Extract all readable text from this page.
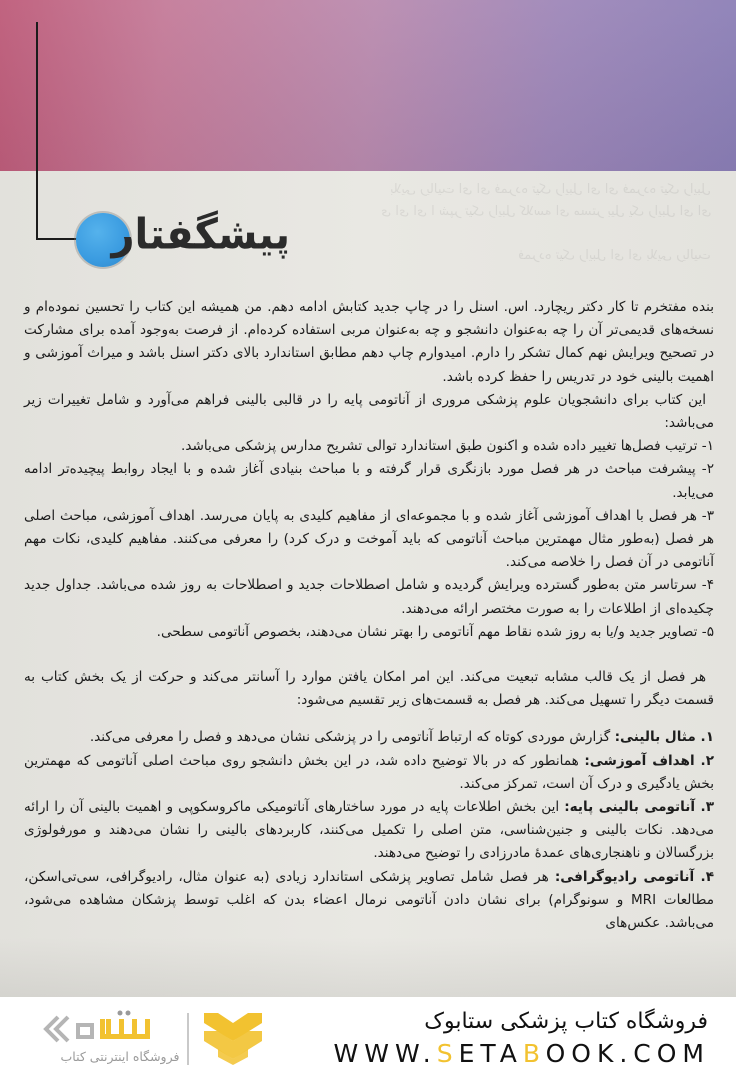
بلایی ریالیت ای ای فمرده تیک رایبل ای ای فمرده تیک رایبل
ی ای ای ا شپر تیک رایبل کلاسه ای مستر بیل یک رایبل ای ای
فمرده تیک رایبل ای ای بلایی ریالیت
پیشگفتار

بنده مفتخرم تا کار دکتر ریچارد. اس. اسنل را در چاپ جدید کتابش ادامه دهم. من همیشه این کتاب را تحسین نموده‌ام و نسخه‌های قدیمی‌تر آن را چه به‌عنوان دانشجو و چه به‌عنوان مربی استفاده کرده‌ام. از فرصت به‌وجود آمده برای مشارکت در تصحیح ویرایش نهم کمال تشکر را دارم. امیدوارم چاپ دهم مطابق استاندارد بالای دکتر اسنل باشد و میراث آموزشی و اهمیت بالینی خود در تدریس را حفظ کرده باشد.

این کتاب برای دانشجویان علوم پزشکی مروری از آناتومی پایه را در قالبی بالینی فراهم می‌آورد و شامل تغییرات زیر می‌باشد:

۱- ترتیب فصل‌ها تغییر داده شده و اکنون طبق استاندارد توالی تشریح مدارس پزشکی می‌باشد.

۲- پیشرفت مباحث در هر فصل مورد بازنگری قرار گرفته و با مباحث بنیادی آغاز شده و با ایجاد روابط پیچیده‌تر ادامه می‌یابد.

۳- هر فصل با اهداف آموزشی آغاز شده و با مجموعه‌ای از مفاهیم کلیدی به پایان می‌رسد. اهداف آموزشی، مباحث اصلی هر فصل (به‌طور مثال مهمترین مباحث آناتومی که باید آموخت و درک کرد) را معرفی می‌کنند. مفاهیم کلیدی، نکات مهم آناتومی در آن فصل را خلاصه می‌کند.

۴- سرتاسر متن به‌طور گسترده ویرایش گردیده و شامل اصطلاحات جدید و اصطلاحات به روز شده می‌باشد. جداول جدید چکیده‌ای از اطلاعات را به صورت مختصر ارائه می‌دهند.

۵- تصاویر جدید و/یا به روز شده نقاط مهم آناتومی را بهتر نشان می‌دهند، بخصوص آناتومی سطحی.

هر فصل از یک قالب مشابه تبعیت می‌کند. این امر امکان یافتن موارد را آسانتر می‌کند و حرکت از یک بخش کتاب به قسمت دیگر را تسهیل می‌کند. هر فصل به قسمت‌های زیر تقسیم می‌شود:

۱. مثال بالینی: گزارش موردی کوتاه که ارتباط آناتومی را در پزشکی نشان می‌دهد و فصل را معرفی می‌کند.

۲. اهداف آموزشی: همانطور که در بالا توضیح داده شد، در این بخش دانشجو روی مباحث اصلی آناتومی که مهمترین بخش یادگیری و درک آن است، تمرکز می‌کند.

۳. آناتومی بالینی پایه: این بخش اطلاعات پایه در مورد ساختارهای آناتومیکی ماکروسکوپی و اهمیت بالینی آن را ارائه می‌دهد. نکات بالینی و جنین‌شناسی، متن اصلی را تکمیل می‌کنند، کاربردهای بالینی را نشان می‌دهند و مورفولوژی بزرگسالان و ناهنجاری‌های عمدهٔ مادرزادی را توضیح می‌دهند.

۴. آناتومی رادیوگرافی: هر فصل شامل تصاویر پزشکی استاندارد زیادی (به عنوان مثال، رادیوگرافی، سی‌تی‌اسکن، مطالعات MRI و سونوگرام) برای نشان دادن آناتومی نرمال اعضاء بدن که اغلب توسط پزشکان مشاهده می‌شود، می‌باشد. عکس‌های

فروشگاه اینترنتی کتاب
فروشگاه کتاب پزشکی ستابوک
WWW.SETABOOK.COM
